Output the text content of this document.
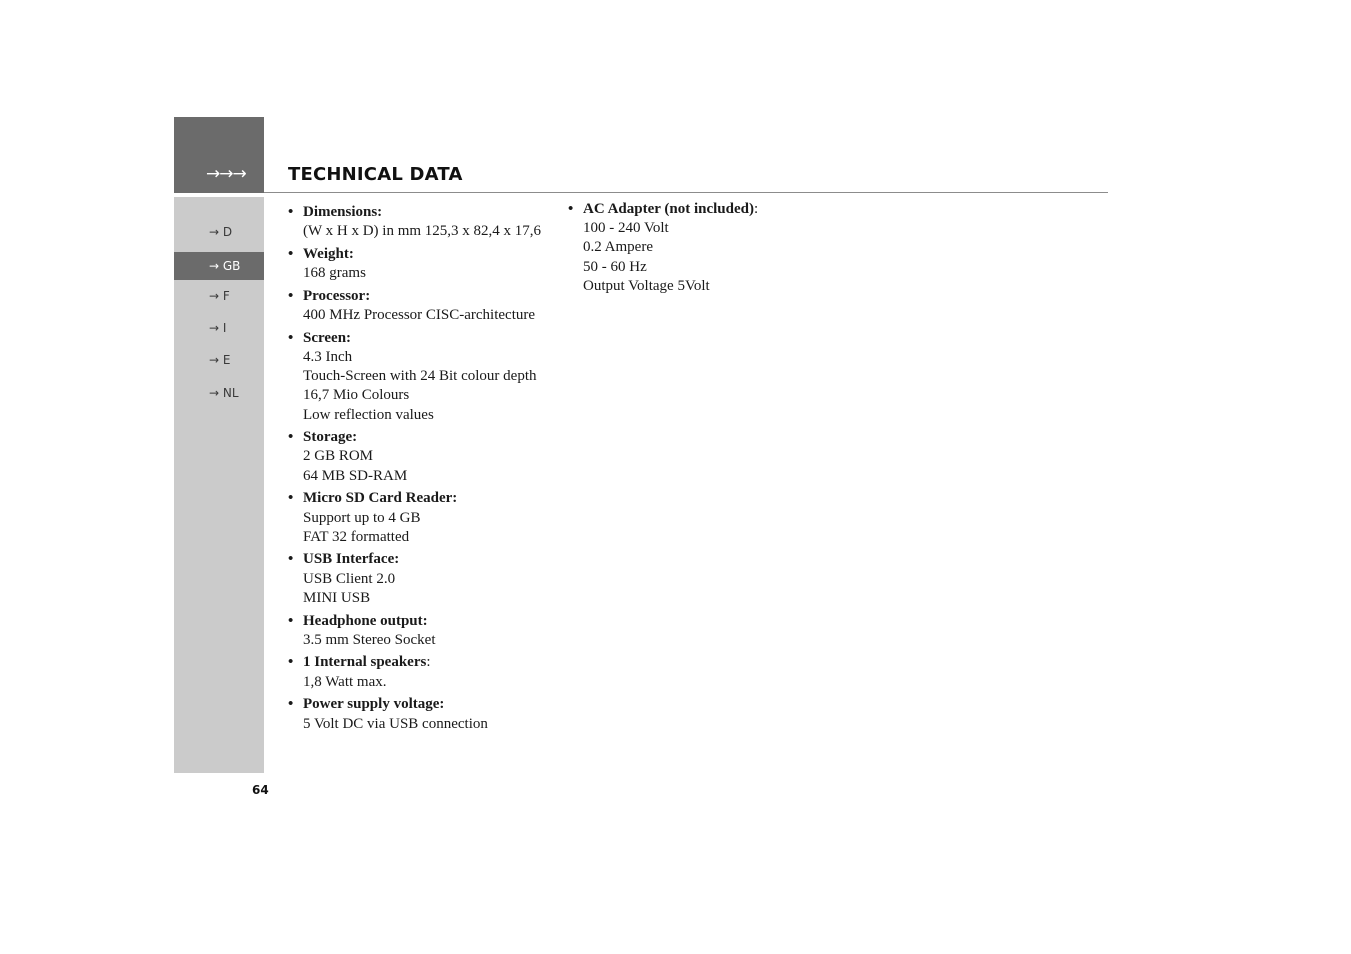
→→→ TECHNICAL DATA
→ D
→ GB
→ F
→ I
→ E
→ NL
• Dimensions:
(W x H x D) in mm 125,3 x 82,4 x 17,6
• Weight:
168 grams
• Processor:
400 MHz Processor CISC-architecture
• Screen:
4.3 Inch
Touch-Screen with 24 Bit colour depth
16,7 Mio Colours
Low reflection values
• Storage:
2 GB ROM
64 MB SD-RAM
• Micro SD Card Reader:
Support up to 4 GB
FAT 32 formatted
• USB Interface:
USB Client 2.0
MINI USB
• Headphone output:
3.5 mm Stereo Socket
• 1 Internal speakers:
1,8 Watt max.
• Power supply voltage:
5 Volt DC via USB connection
• AC Adapter (not included):
100 - 240 Volt
0.2 Ampere
50 - 60 Hz
Output Voltage 5Volt
64
